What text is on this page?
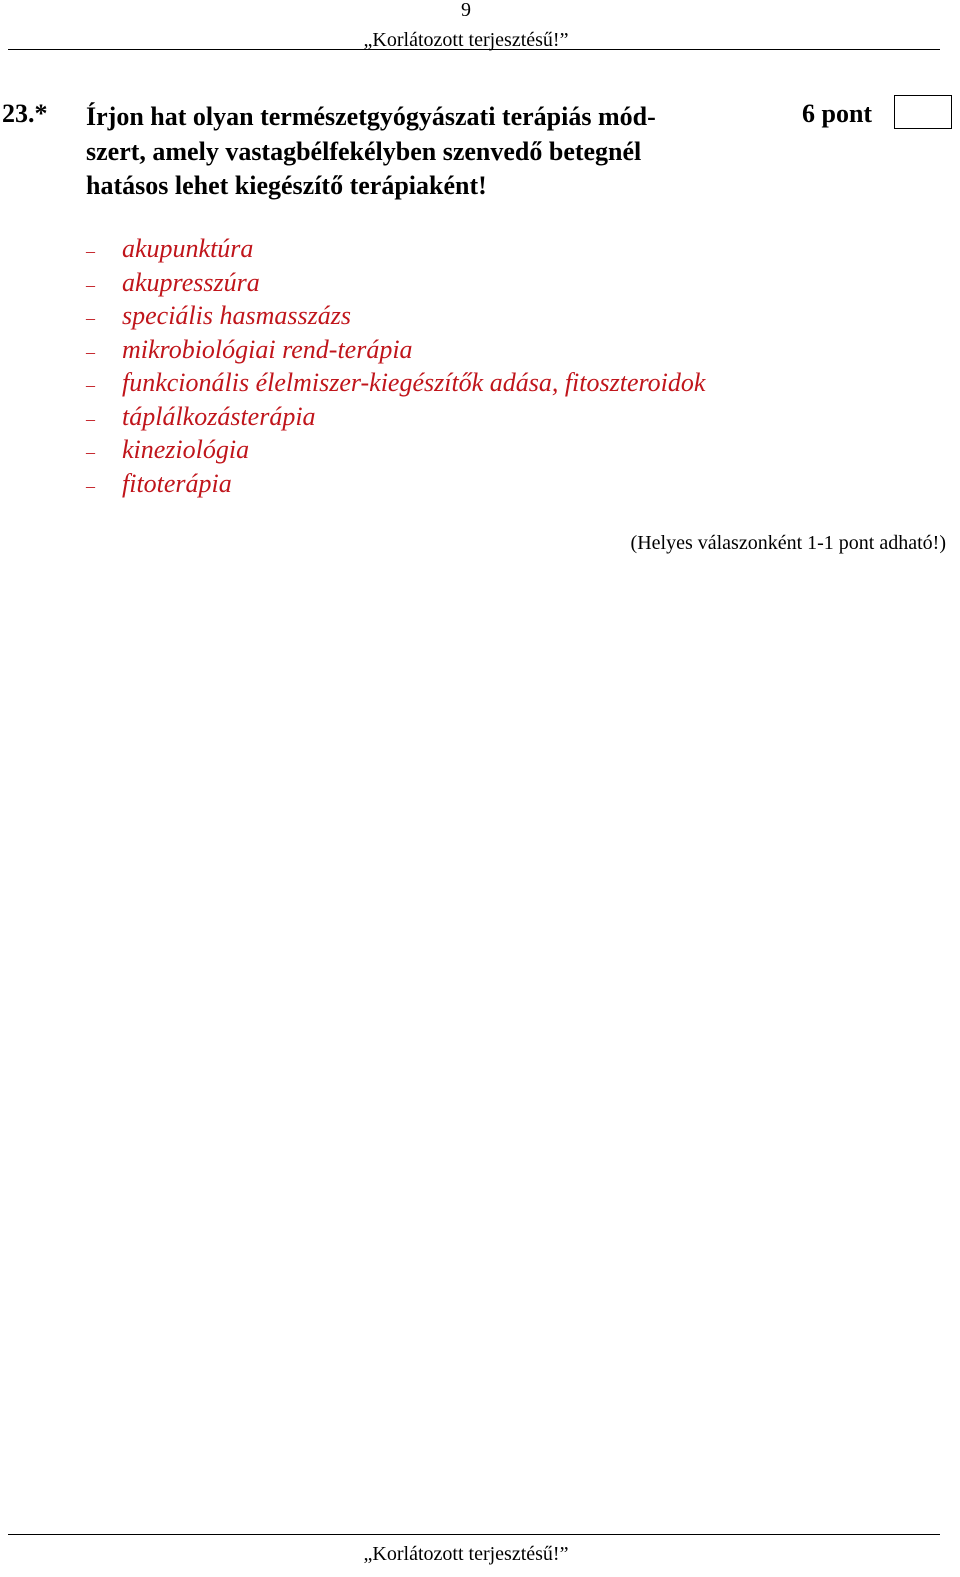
9
„Korlátozott terjesztésű!”
23.* Írjon hat olyan természetgyógyászati terápiás mód-
szert, amely vastagbélfekélyben szenvedő betegnél
hatásos lehet kiegészítő terápiaként!
6 pont
– akupunktúra
– akupresszúra
– speciális hasmasszázs
– mikrobiológiai rend-terápia
– funkcionális élelmiszer-kiegészítők adása, fitoszteroidok
– táplálkozásterápia
– kineziológia
– fitoterápia
(Helyes válaszonként 1-1 pont adható!)
„Korlátozott terjesztésű!”
